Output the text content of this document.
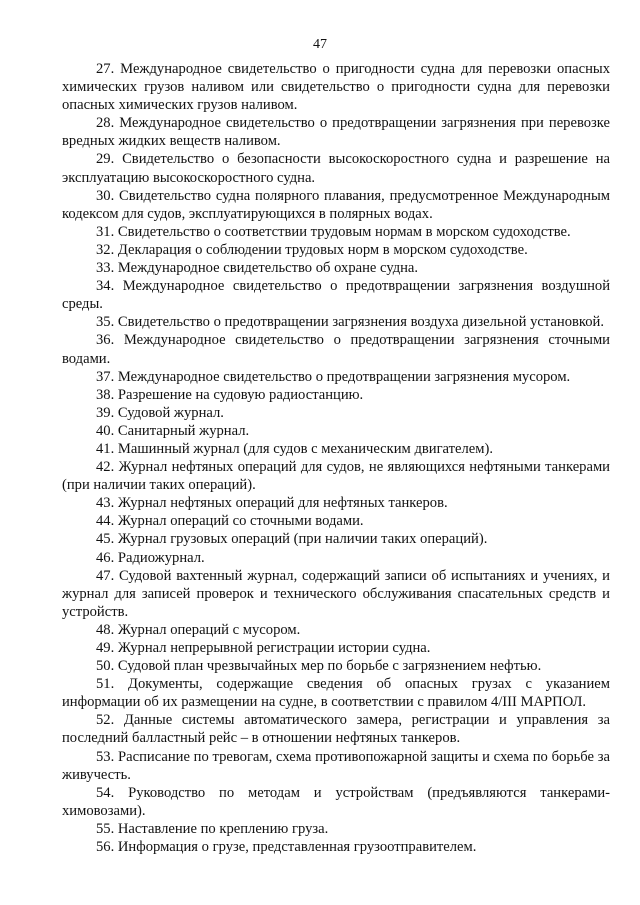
47

27. Международное свидетельство о пригодности судна для перевозки опасных химических грузов наливом или свидетельство о пригодности судна для перевозки опасных химических грузов наливом.

28. Международное свидетельство о предотвращении загрязнения при перевозке вредных жидких веществ наливом.

29. Свидетельство о безопасности высокоскоростного судна и разрешение на эксплуатацию высокоскоростного судна.

30. Свидетельство судна полярного плавания, предусмотренное Международным кодексом для судов, эксплуатирующихся в полярных водах.

31. Свидетельство о соответствии трудовым нормам в морском судоходстве.

32. Декларация о соблюдении трудовых норм в морском судоходстве.

33. Международное свидетельство об охране судна.

34. Международное свидетельство о предотвращении загрязнения воздушной среды.

35. Свидетельство о предотвращении загрязнения воздуха дизельной установкой.

36. Международное свидетельство о предотвращении загрязнения сточными водами.

37. Международное свидетельство о предотвращении загрязнения мусором.

38. Разрешение на судовую радиостанцию.

39. Судовой журнал.

40. Санитарный журнал.

41. Машинный журнал (для судов с механическим двигателем).

42. Журнал нефтяных операций для судов, не являющихся нефтяными танкерами (при наличии таких операций).

43. Журнал нефтяных операций для нефтяных танкеров.

44. Журнал операций со сточными водами.

45. Журнал грузовых операций (при наличии таких операций).

46. Радиожурнал.

47. Судовой вахтенный журнал, содержащий записи об испытаниях и учениях, и журнал для записей проверок и технического обслуживания спасательных средств и устройств.

48. Журнал операций с мусором.

49. Журнал непрерывной регистрации истории судна.

50. Судовой план чрезвычайных мер по борьбе с загрязнением нефтью.

51. Документы, содержащие сведения об опасных грузах с указанием информации об их размещении на судне, в соответствии с правилом 4/III МАРПОЛ.

52. Данные системы автоматического замера, регистрации и управления за последний балластный рейс – в отношении нефтяных танкеров.

53. Расписание по тревогам, схема противопожарной защиты и схема по борьбе за живучесть.

54. Руководство по методам и устройствам (предъявляются танкерами-химовозами).

55. Наставление по креплению груза.

56. Информация о грузе, представленная грузоотправителем.
